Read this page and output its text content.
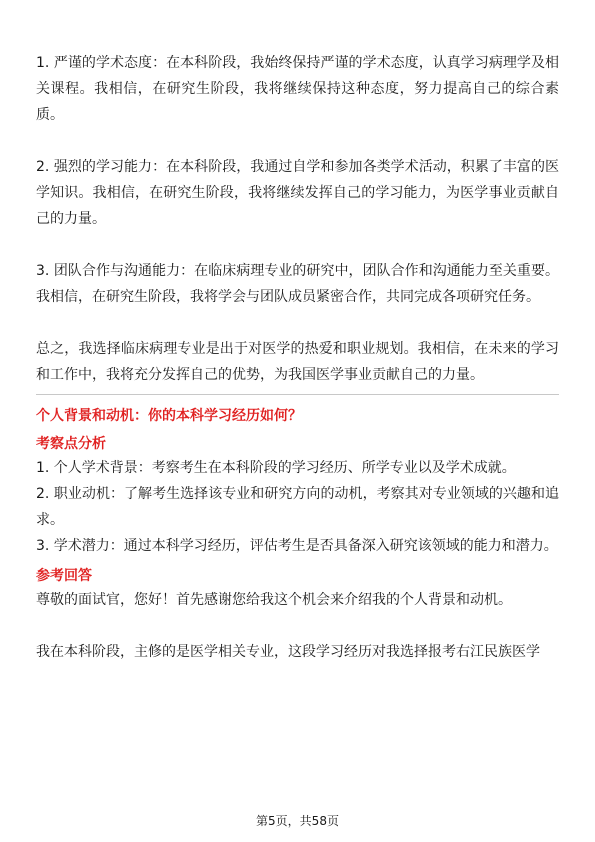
1. 严谨的学术态度：在本科阶段，我始终保持严谨的学术态度，认真学习病理学及相关课程。我相信，在研究生阶段，我将继续保持这种态度，努力提高自己的综合素质。

2. 强烈的学习能力：在本科阶段，我通过自学和参加各类学术活动，积累了丰富的医学知识。我相信，在研究生阶段，我将继续发挥自己的学习能力，为医学事业贡献自己的力量。

3. 团队合作与沟通能力：在临床病理专业的研究中，团队合作和沟通能力至关重要。我相信，在研究生阶段，我将学会与团队成员紧密合作，共同完成各项研究任务。

总之，我选择临床病理专业是出于对医学的热爱和职业规划。我相信，在未来的学习和工作中，我将充分发挥自己的优势，为我国医学事业贡献自己的力量。

个人背景和动机：你的本科学习经历如何？

考察点分析

1. 个人学术背景：考察考生在本科阶段的学习经历、所学专业以及学术成就。

2. 职业动机：了解考生选择该专业和研究方向的动机，考察其对专业领域的兴趣和追求。

3. 学术潜力：通过本科学习经历，评估考生是否具备深入研究该领域的能力和潜力。

参考回答

尊敬的面试官，您好！首先感谢您给我这个机会来介绍我的个人背景和动机。

我在本科阶段，主修的是医学相关专业，这段学习经历对我选择报考右江民族医学

第5页，共58页
